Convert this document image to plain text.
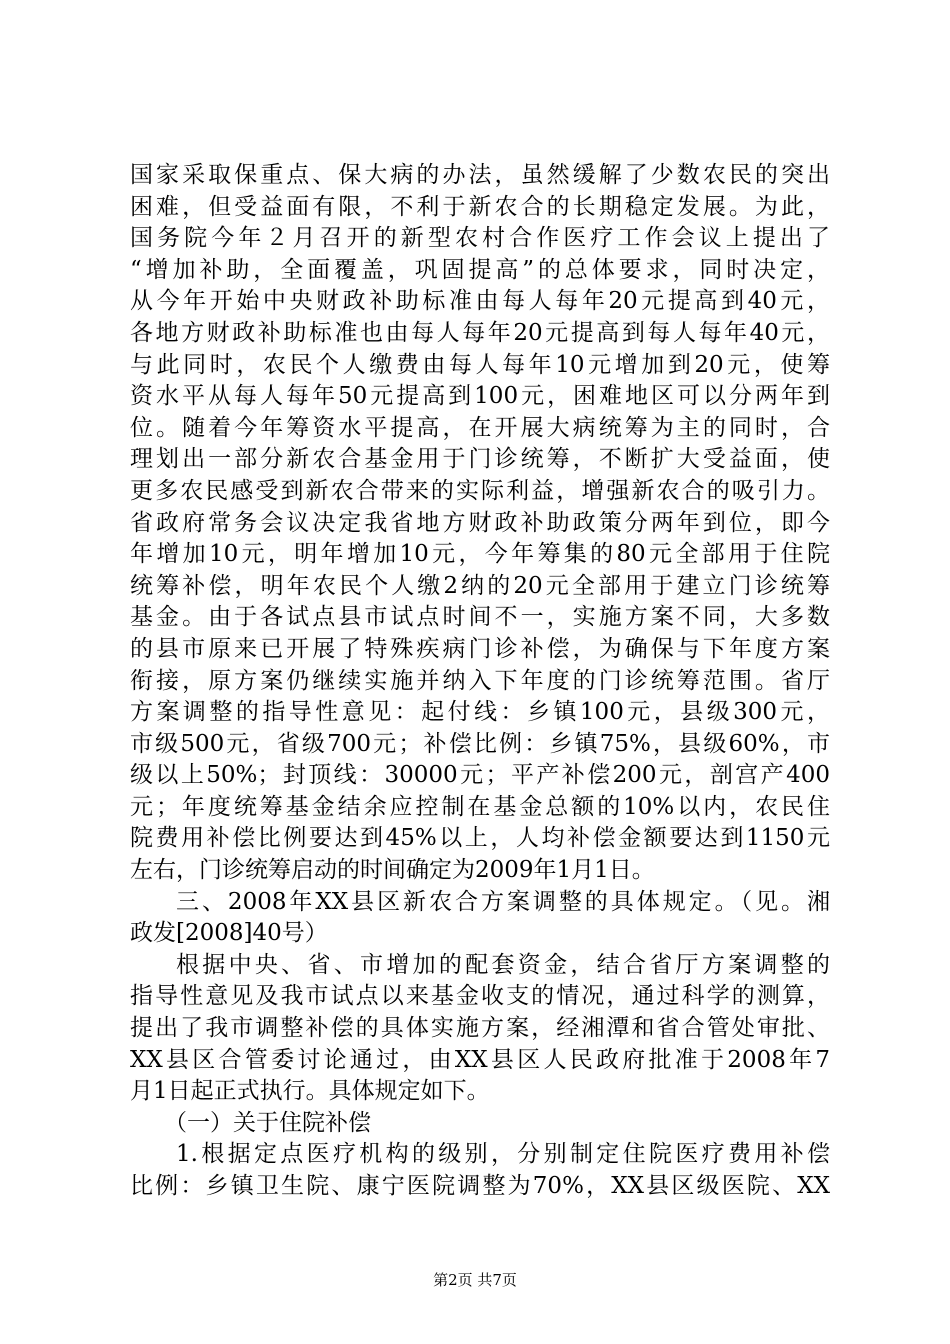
国家采取保重点、保大病的办法，虽然缓解了少数农民的突出
困难，但受益面有限，不利于新农合的长期稳定发展。为此，
国务院今年２月召开的新型农村合作医疗工作会议上提出了
“增加补助，全面覆盖，巩固提高”的总体要求，同时决定，
从今年开始中央财政补助标准由每人每年20元提高到40元，
各地方财政补助标准也由每人每年20元提高到每人每年40元，
与此同时，农民个人缴费由每人每年10元增加到20元，使筹
资水平从每人每年50元提高到100元，困难地区可以分两年到
位。随着今年筹资水平提高，在开展大病统筹为主的同时，合
理划出一部分新农合基金用于门诊统筹，不断扩大受益面，使
更多农民感受到新农合带来的实际利益，增强新农合的吸引力。
省政府常务会议决定我省地方财政补助政策分两年到位，即今
年增加10元，明年增加10元，今年筹集的80元全部用于住院
统筹补偿，明年农民个人缴2纳的20元全部用于建立门诊统筹
基金。由于各试点县市试点时间不一，实施方案不同，大多数
的县市原来已开展了特殊疾病门诊补偿，为确保与下年度方案
衔接，原方案仍继续实施并纳入下年度的门诊统筹范围。省厅
方案调整的指导性意见：起付线：乡镇100元，县级300元，
市级500元，省级700元；补偿比例：乡镇75%，县级60%，市
级以上50%；封顶线：30000元；平产补偿200元，剖宫产400
元；年度统筹基金结余应控制在基金总额的10%以内，农民住
院费用补偿比例要达到45%以上，人均补偿金额要达到1150元
左右，门诊统筹启动的时间确定为2009年1月1日。
三、2008年XX县区新农合方案调整的具体规定。（见。湘
政发[2008]40号）
根据中央、省、市增加的配套资金，结合省厅方案调整的
指导性意见及我市试点以来基金收支的情况，通过科学的测算，
提出了我市调整补偿的具体实施方案，经湘潭和省合管处审批、
XX县区合管委讨论通过，由XX县区人民政府批准于2008年7
月1日起正式执行。具体规定如下。
（一）关于住院补偿
1.根据定点医疗机构的级别，分别制定住院医疗费用补偿
比例：乡镇卫生院、康宁医院调整为70%，XX县区级医院、XX
第2页 共7页
